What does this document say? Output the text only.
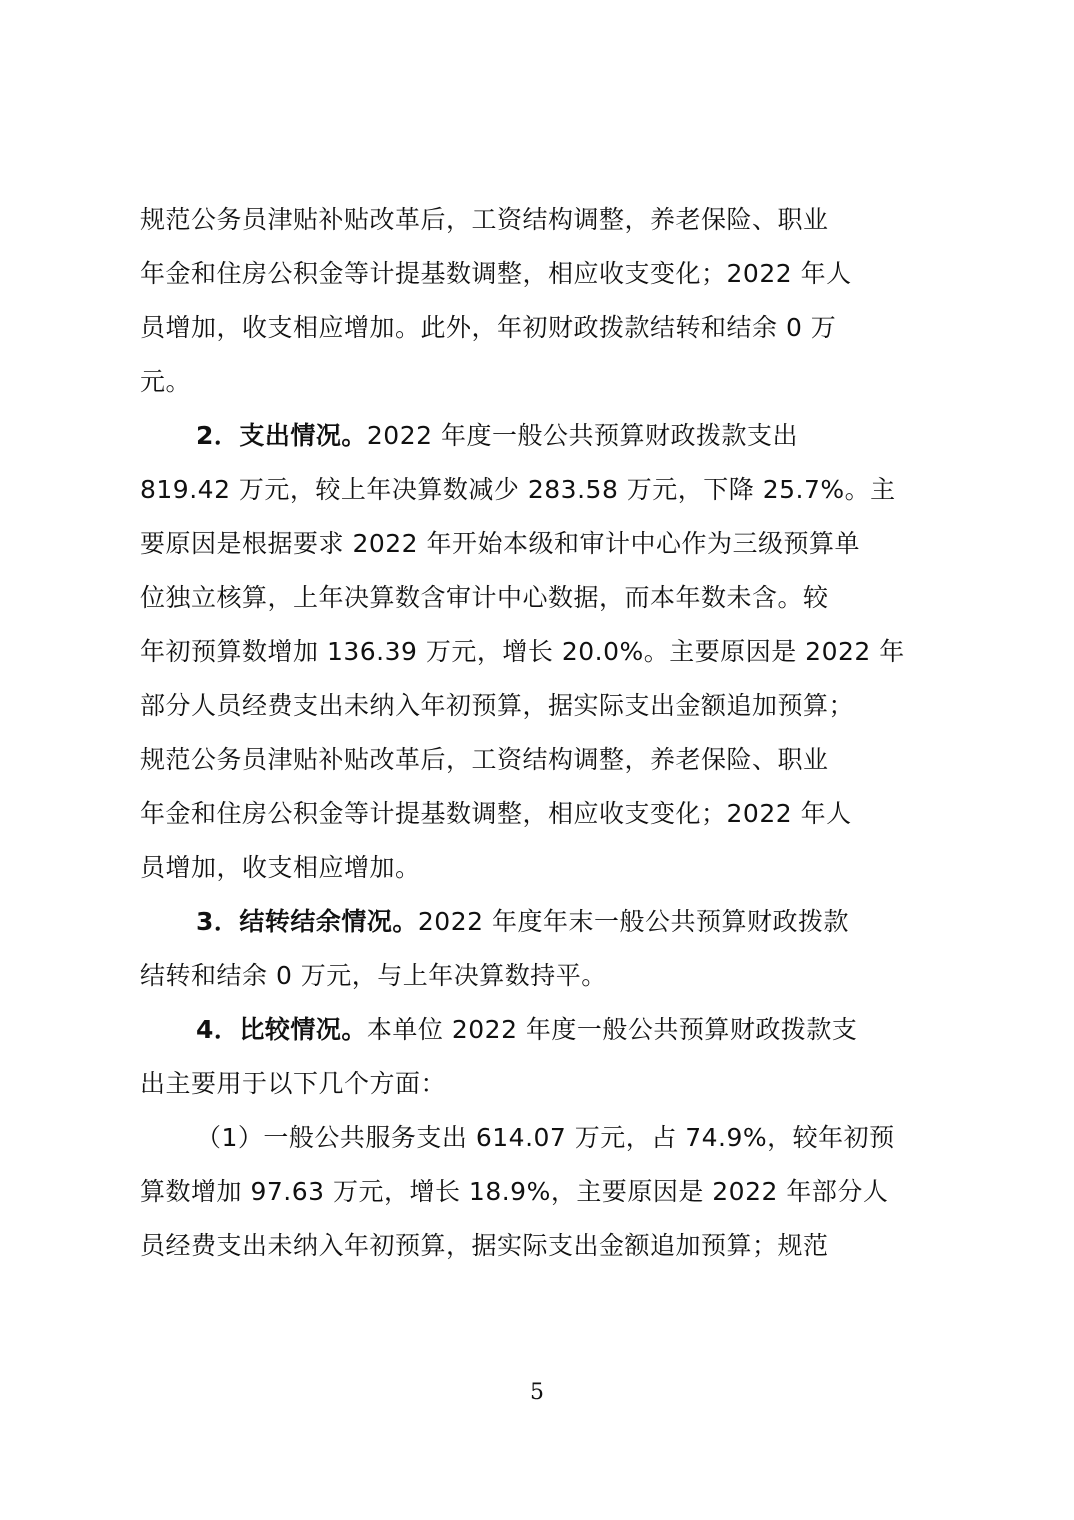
规范公务员津贴补贴改革后，工资结构调整，养老保险、职业
年金和住房公积金等计提基数调整，相应收支变化；2022 年人
员增加，收支相应增加。此外，年初财政拨款结转和结余 0 万
元。
2．支出情况。2022 年度一般公共预算财政拨款支出
819.42 万元，较上年决算数减少 283.58 万元，下降 25.7%。主
要原因是根据要求 2022 年开始本级和审计中心作为三级预算单
位独立核算，上年决算数含审计中心数据，而本年数未含。较
年初预算数增加 136.39 万元，增长 20.0%。主要原因是 2022 年
部分人员经费支出未纳入年初预算，据实际支出金额追加预算；
规范公务员津贴补贴改革后，工资结构调整，养老保险、职业
年金和住房公积金等计提基数调整，相应收支变化；2022 年人
员增加，收支相应增加。
3．结转结余情况。2022 年度年末一般公共预算财政拨款
结转和结余 0 万元，与上年决算数持平。
4．比较情况。本单位 2022 年度一般公共预算财政拨款支
出主要用于以下几个方面：
（1）一般公共服务支出 614.07 万元，占 74.9%，较年初预
算数增加 97.63 万元，增长 18.9%，主要原因是 2022 年部分人
员经费支出未纳入年初预算，据实际支出金额追加预算；规范
5
